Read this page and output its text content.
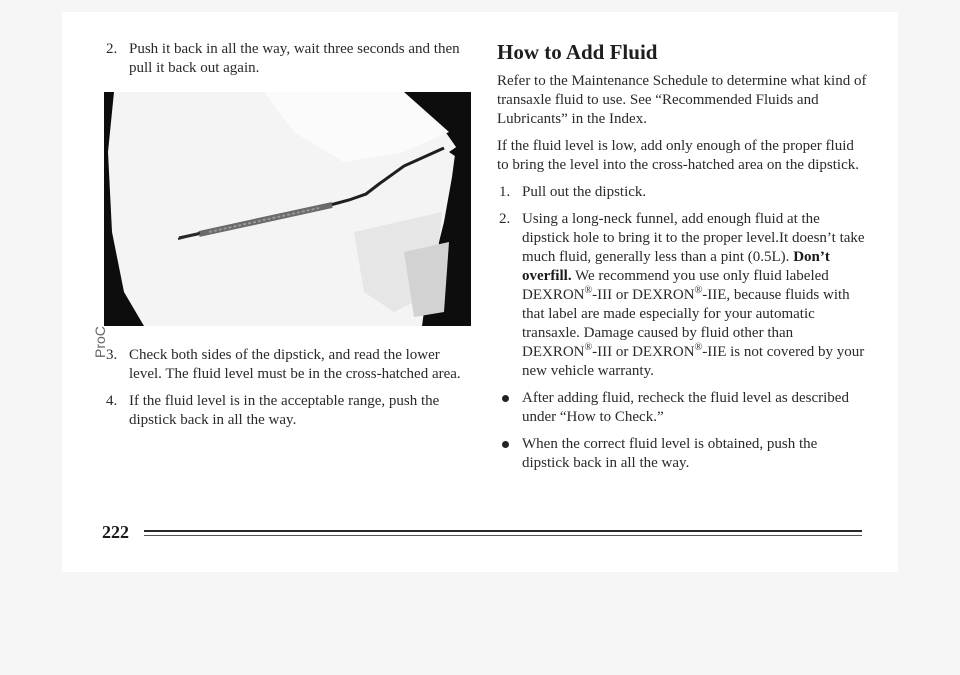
2. Push it back in all the way, wait three seconds and then pull it back out again.
ProC
3. Check both sides of the dipstick, and read the lower level. The fluid level must be in the cross-hatched area.
4. If the fluid level is in the acceptable range, push the dipstick back in all the way.
How to Add Fluid

Refer to the Maintenance Schedule to determine what kind of transaxle fluid to use. See “Recommended Fluids and Lubricants” in the Index.

If the fluid level is low, add only enough of the proper fluid to bring the level into the cross-hatched area on the dipstick.

1. Pull out the dipstick.
2. Using a long-neck funnel, add enough fluid at the dipstick hole to bring it to the proper level.It doesn’t take much fluid, generally less than a pint (0.5L). Don’t overfill. We recommend you use only fluid labeled DEXRON®-III or DEXRON®-IIE, because fluids with that label are made especially for your automatic transaxle. Damage caused by fluid other than DEXRON®-III or DEXRON®-IIE is not covered by your new vehicle warranty.
After adding fluid, recheck the fluid level as described under “How to Check.”
When the correct fluid level is obtained, push the dipstick back in all the way.
222
